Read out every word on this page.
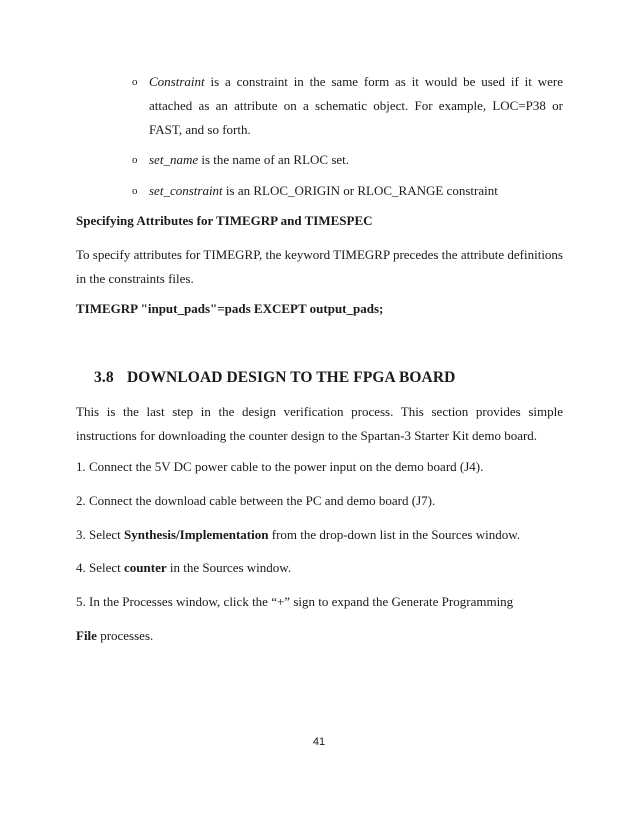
o Constraint is a constraint in the same form as it would be used if it were attached as an attribute on a schematic object. For example, LOC=P38 or FAST, and so forth.
o set_name is the name of an RLOC set.
o set_constraint is an RLOC_ORIGIN or RLOC_RANGE constraint
Specifying Attributes for TIMEGRP and TIMESPEC
To specify attributes for TIMEGRP, the keyword TIMEGRP precedes the attribute definitions in the constraints files.
TIMEGRP "input_pads"=pads EXCEPT output_pads;
3.8 DOWNLOAD DESIGN TO THE FPGA BOARD
This is the last step in the design verification process. This section provides simple instructions for downloading the counter design to the Spartan-3 Starter Kit demo board.
1. Connect the 5V DC power cable to the power input on the demo board (J4).
2. Connect the download cable between the PC and demo board (J7).
3. Select Synthesis/Implementation from the drop-down list in the Sources window.
4. Select counter in the Sources window.
5. In the Processes window, click the “+” sign to expand the Generate Programming
File processes.
41
